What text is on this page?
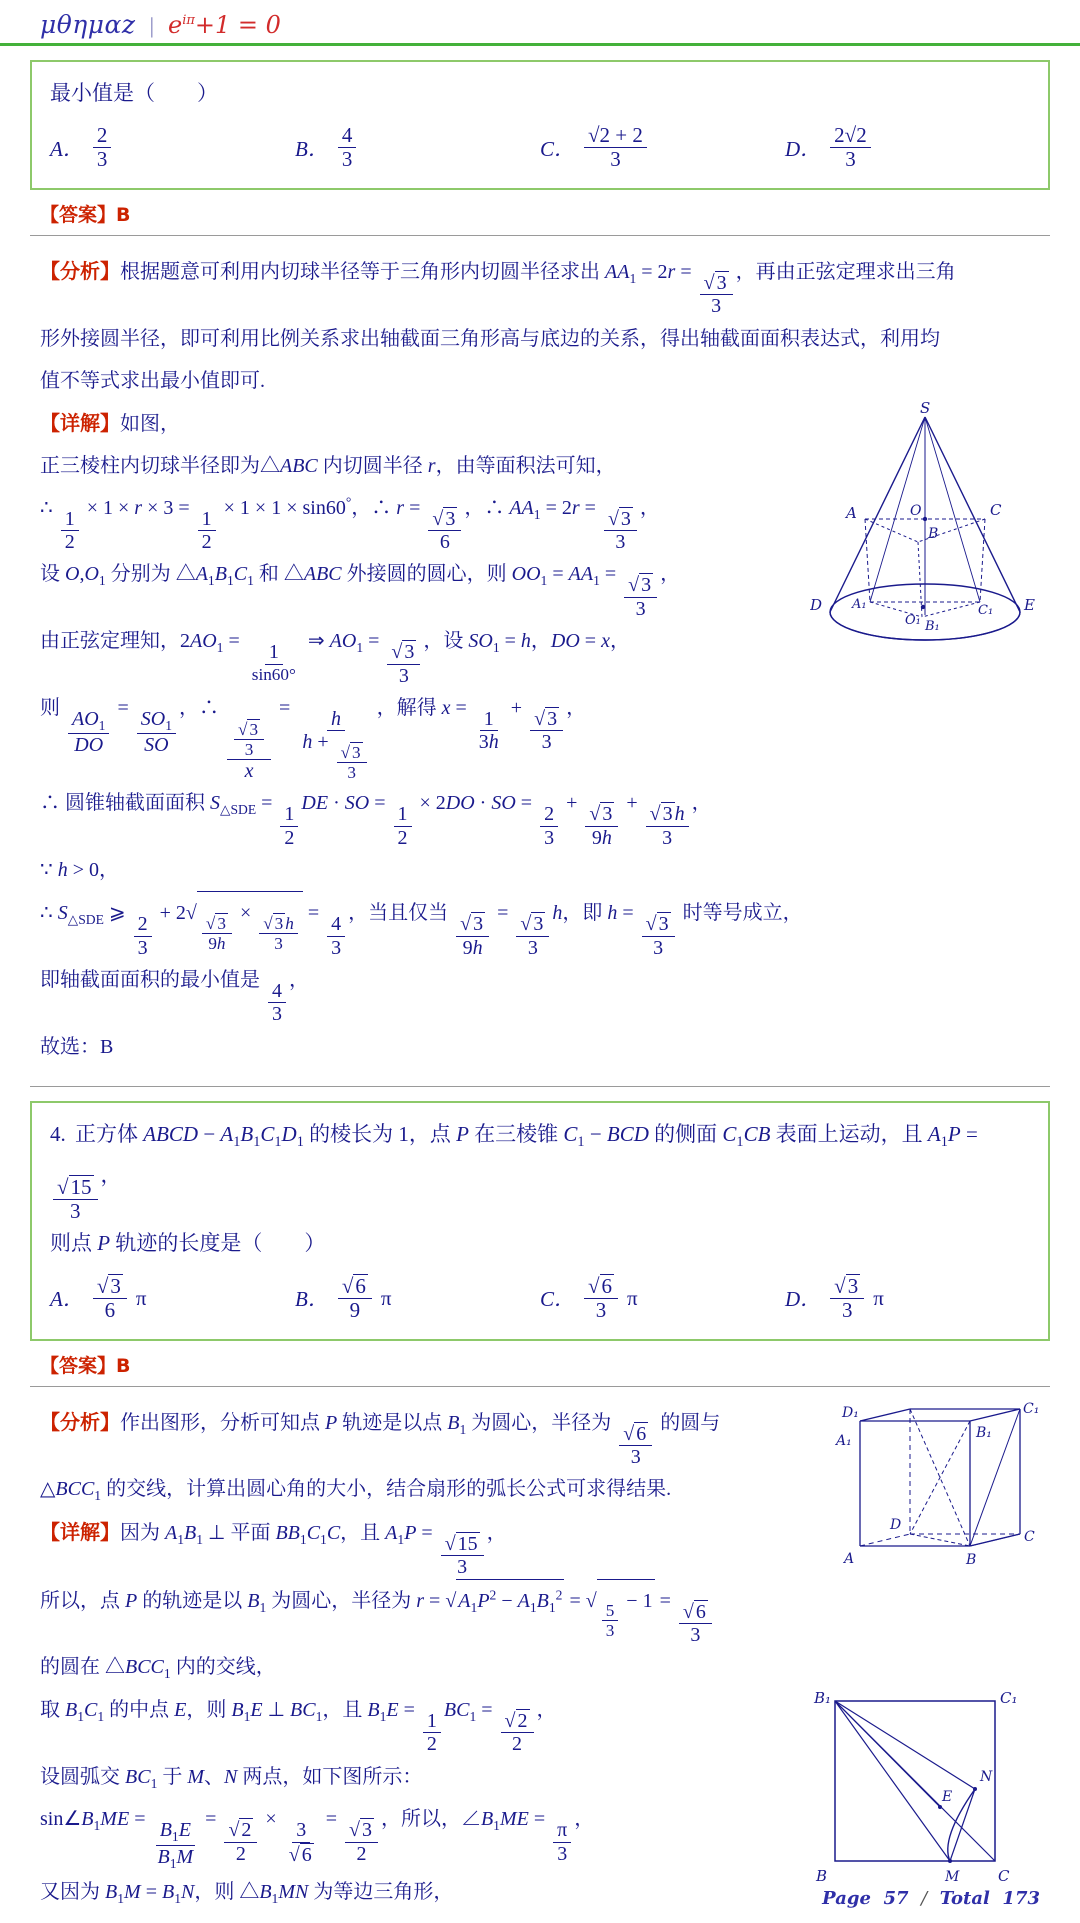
μθημαz | $e^{i\pi}+1 = 0$
最小值是（　　）
A． $\frac{2}{3}$	B． $\frac{4}{3}$	C． $\frac{√2 + 2}{3}$	D． $\frac{2√2}{3}$
【答案】B
【分析】根据题意可利用内切球半径等于三角形内切圆半径求出 $AA_1 = 2r = \frac{√ 3}{3}$ ，再由正弦定理求出三角
形外接圆半径，即可利用比例关系求出轴截面三角形高与底边的关系，得出轴截面面积表达式，利用均
值不等式求出最小值即可.
【详解】如图，
正三棱柱内切球半径即为△ABC 内切圆半径 r，由等面积法可知，
∴ $\frac{1}{2} \times 1 \times r \times 3 = \frac{1}{2} \times 1 \times 1 \times \sin 60^\circ$，∴ $r = \frac{√ 3}{6}$ ，∴ $AA_1 = 2r = \frac{√ 3}{3}$ ，
设 $O,O_1$ 分别为 $\triangle A_1B_1C_1$ 和 △ABC 外接圆的圆心，则 $OO_1 = AA_1 = \frac{√ 3}{3}$ ，
由正弦定理知，$2AO_1 = \frac{1}{\sin 60^\circ}$ ⇒ $AO_1 = \frac{√ 3}{3}$ ，设 $SO_1 = h$，DO = x，
S
A	C
B
O
D	E
A₁	C₁
B₁
O₁
则 $\frac{AO_1}{DO} = \frac{SO_1}{SO}$ ，∴ $\frac{\frac{√ 3}{3}}{x} = \frac{h}{h + \frac{√ 3}{3}}$ ，解得 $x = \frac{1}{3h} + \frac{√ 3}{3}$ ，
∴ 圆锥轴截面面积 $S_{\triangle SDE} = \frac{1}{2}$ DE · SO = $\frac{1}{2} \times 2DO$ · SO = $\frac{2}{3} + \frac{√ 3}{9h} + \frac{√ 3 h}{3}$ ，
∵ h > 0，
∴ $S_{\triangle SDE}$ ⩾ $\frac{2}{3} + 2√ \frac{√ 3}{9h} \times \frac{√ 3 h}{3} = \frac{4}{3}$ ，当且仅当 $\frac{√ 3}{9h} = \frac{√ 3}{3}$ h，即 $h = \frac{√ 3}{3}$ 时等号成立，
即轴截面面积的最小值是 $\frac{4}{3}$ ，
故选：B
4. 正方体 ABCD − $A_1B_1C_1D_1$ 的棱长为 1，点 P 在三棱锥 $C_1$ − BCD 的侧面 $C_1CB$ 表面上运动，且 $A_1P$ =
$\frac{√15}{3}$ ，
则点 P 轨迹的长度是（　　）
A． $\frac{√3}{6}$ π	B． $\frac{√6}{9}$ π	C． $\frac{√6}{3}$ π	D． $\frac{√3}{3}$ π
【答案】B
【分析】作出图形，分析可知点 P 轨迹是以点 $B_1$ 为圆心，半径为 $\frac{√ 6}{3}$ 的圆与
$\triangle BCC_1$ 的交线，计算出圆心角的大小，结合扇形的弧长公式可求得结果.
【详解】因为 $A_1B_1$ ⊥ 平面 $BB_1C_1C$，且 $A_1P = \frac{√ 15}{3}$ ，
所以，点 P 的轨迹是以 $B_1$ 为圆心，半径为 r = √ $A_1P^2 - A_1B_1^2$ = √
$\frac{5}{3}$
− $1 = \frac{√ 6}{3}$
的圆在 $\triangle BCC_1$ 内的交线，
D₁	C₁
A₁	B₁
D
C
A	B
取 $B_1C_1$ 的中点 E，则 $B_1E$ ⊥ $BC_1$，且 $B_1E = \frac{1}{2} BC_1 = \frac{√ 2}{2}$ ，
设圆弧交 $BC_1$ 于 M、N 两点，如下图所示：
$\sin\angle B_1ME = \frac{B_1E}{B_1M} = \frac{√ 2}{2} \times \frac{3}{√ 6} = \frac{√ 3}{2}$ ，所以，$\angle B_1ME = \frac{\pi}{3}$ ，
又因为 $B_1M = B_1N$，则 $\triangle B_1MN$ 为等边三角形，
B₁	C₁
N
E
M
B	C
Page 57 / Total 173
